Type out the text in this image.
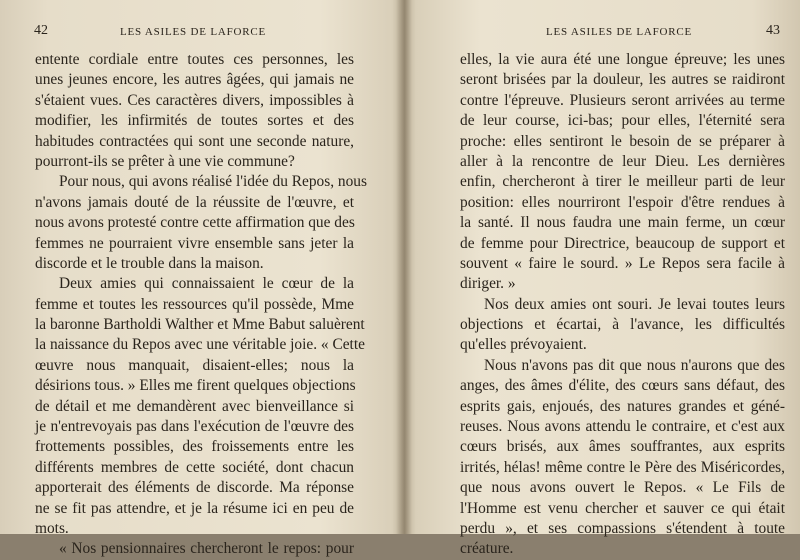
42	LES ASILES DE LAFORCE
entente cordiale entre toutes ces personnes, les
unes jeunes encore, les autres âgées, qui jamais ne
s'étaient vues. Ces caractères divers, impossibles à
modifier, les infirmités de toutes sortes et des
habitudes contractées qui sont une seconde nature,
pourront-ils se prêter à une vie commune?
Pour nous, qui avons réalisé l'idée du Repos, nous
n'avons jamais douté de la réussite de l'œuvre, et
nous avons protesté contre cette affirmation que des
femmes ne pourraient vivre ensemble sans jeter la
discorde et le trouble dans la maison.
Deux amies qui connaissaient le cœur de la
femme et toutes les ressources qu'il possède, Mme
la baronne Bartholdi Walther et Mme Babut saluèrent
la naissance du Repos avec une véritable joie. « Cette
œuvre nous manquait, disaient-elles; nous la
désirions tous. » Elles me firent quelques objections
de détail et me demandèrent avec bienveillance si
je n'entrevoyais pas dans l'exécution de l'œuvre des
frottements possibles, des froissements entre les
différents membres de cette société, dont chacun
apporterait des éléments de discorde. Ma réponse
ne se fit pas attendre, et je la résume ici en peu de
mots.
« Nos pensionnaires chercheront le repos: pour
LES ASILES DE LAFORCE	43
elles, la vie aura été une longue épreuve; les unes
seront brisées par la douleur, les autres se raidiront
contre l'épreuve. Plusieurs seront arrivées au terme
de leur course, ici-bas; pour elles, l'éternité sera
proche: elles sentiront le besoin de se préparer à
aller à la rencontre de leur Dieu. Les dernières
enfin, chercheront à tirer le meilleur parti de leur
position: elles nourriront l'espoir d'être rendues à
la santé. Il nous faudra une main ferme, un cœur
de femme pour Directrice, beaucoup de support et
souvent « faire le sourd. » Le Repos sera facile à
diriger. »
Nos deux amies ont souri. Je levai toutes leurs
objections et écartai, à l'avance, les difficultés
qu'elles prévoyaient.
Nous n'avons pas dit que nous n'aurons que des
anges, des âmes d'élite, des cœurs sans défaut, des
esprits gais, enjoués, des natures grandes et géné-
reuses. Nous avons attendu le contraire, et c'est aux
cœurs brisés, aux âmes souffrantes, aux esprits
irrités, hélas! même contre le Père des Miséricordes,
que nous avons ouvert le Repos. « Le Fils de
l'Homme est venu chercher et sauver ce qui était
perdu », et ses compassions s'étendent à toute
créature.
